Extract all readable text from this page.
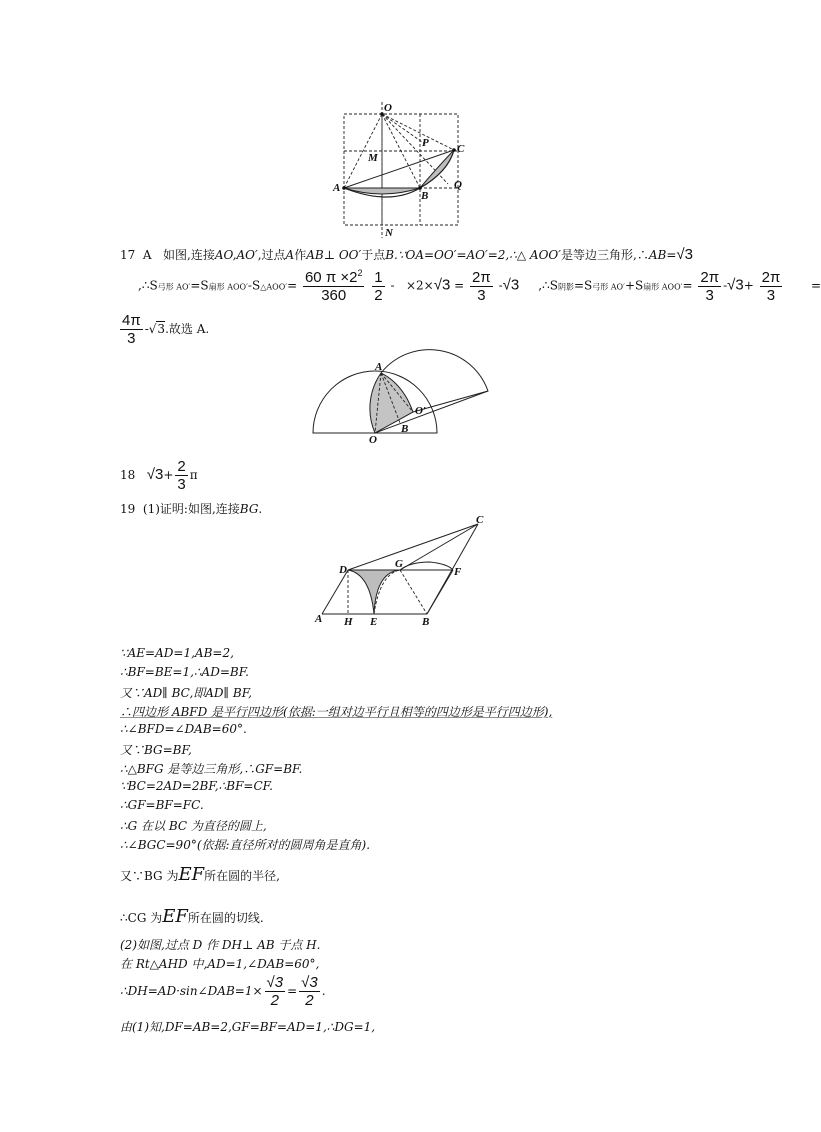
O
P	C
M
A
B
Q
N
17 A 如图,连接AO,AO′,过点A作AB⊥ OO′于点B.∵OA=OO′=AO′=2,∴△ AOO′是等边三角形,∴AB=√3
,∴S弓形 AO′=S扇形 AOO′-S△AOO′= $\frac{60 \pi \times 2^2}{360}$
$\frac{1}{2} - \times 2\times√3 = \frac{2\pi}{3} -√3$ ,∴S阴影=S弓形 AO′+S扇形 $AOO'= \frac{2\pi}{3} -√3+ \frac{2\pi}{3}$ =
$\frac{4\pi}{3} -√3$.故选 A.
A
O
B
O′
18 $√3+ \frac{2}{3}$ π
19 (1)证明:如图,连接BG.
C
D	G
F
A H E	B
∵AE=AD=1,AB=2,
∴BF=BE=1,∴AD=BF.
又∵AD∥ BC,即AD∥ BF,
∴四边形 ABFD 是平行四边形(依据:一组对边平行且相等的四边形是平行四边形),
∴∠BFD=∠DAB=60°.
又∵BG=BF,
∴△BFG 是等边三角形,∴GF=BF.
∵BC=2AD=2BF,∴BF=CF.
∴GF=BF=FC.
∴G 在以 BC 为直径的圆上,
∴∠BGC=90°(依据:直径所对的圆周角是直角).
又∵BG 为EF所在圆的半径,
∴CG 为EF所在圆的切线.
(2)如图,过点 D 作 DH⊥ AB 于点 H.
在 Rt△AHD 中,AD=1,∠DAB=60°,
∴DH=AD·sin∠DAB=1× $\frac{√3}{2} = \frac{√3}{2}$ .
由(1)知,DF=AB=2,GF=BF=AD=1,∴DG=1,
